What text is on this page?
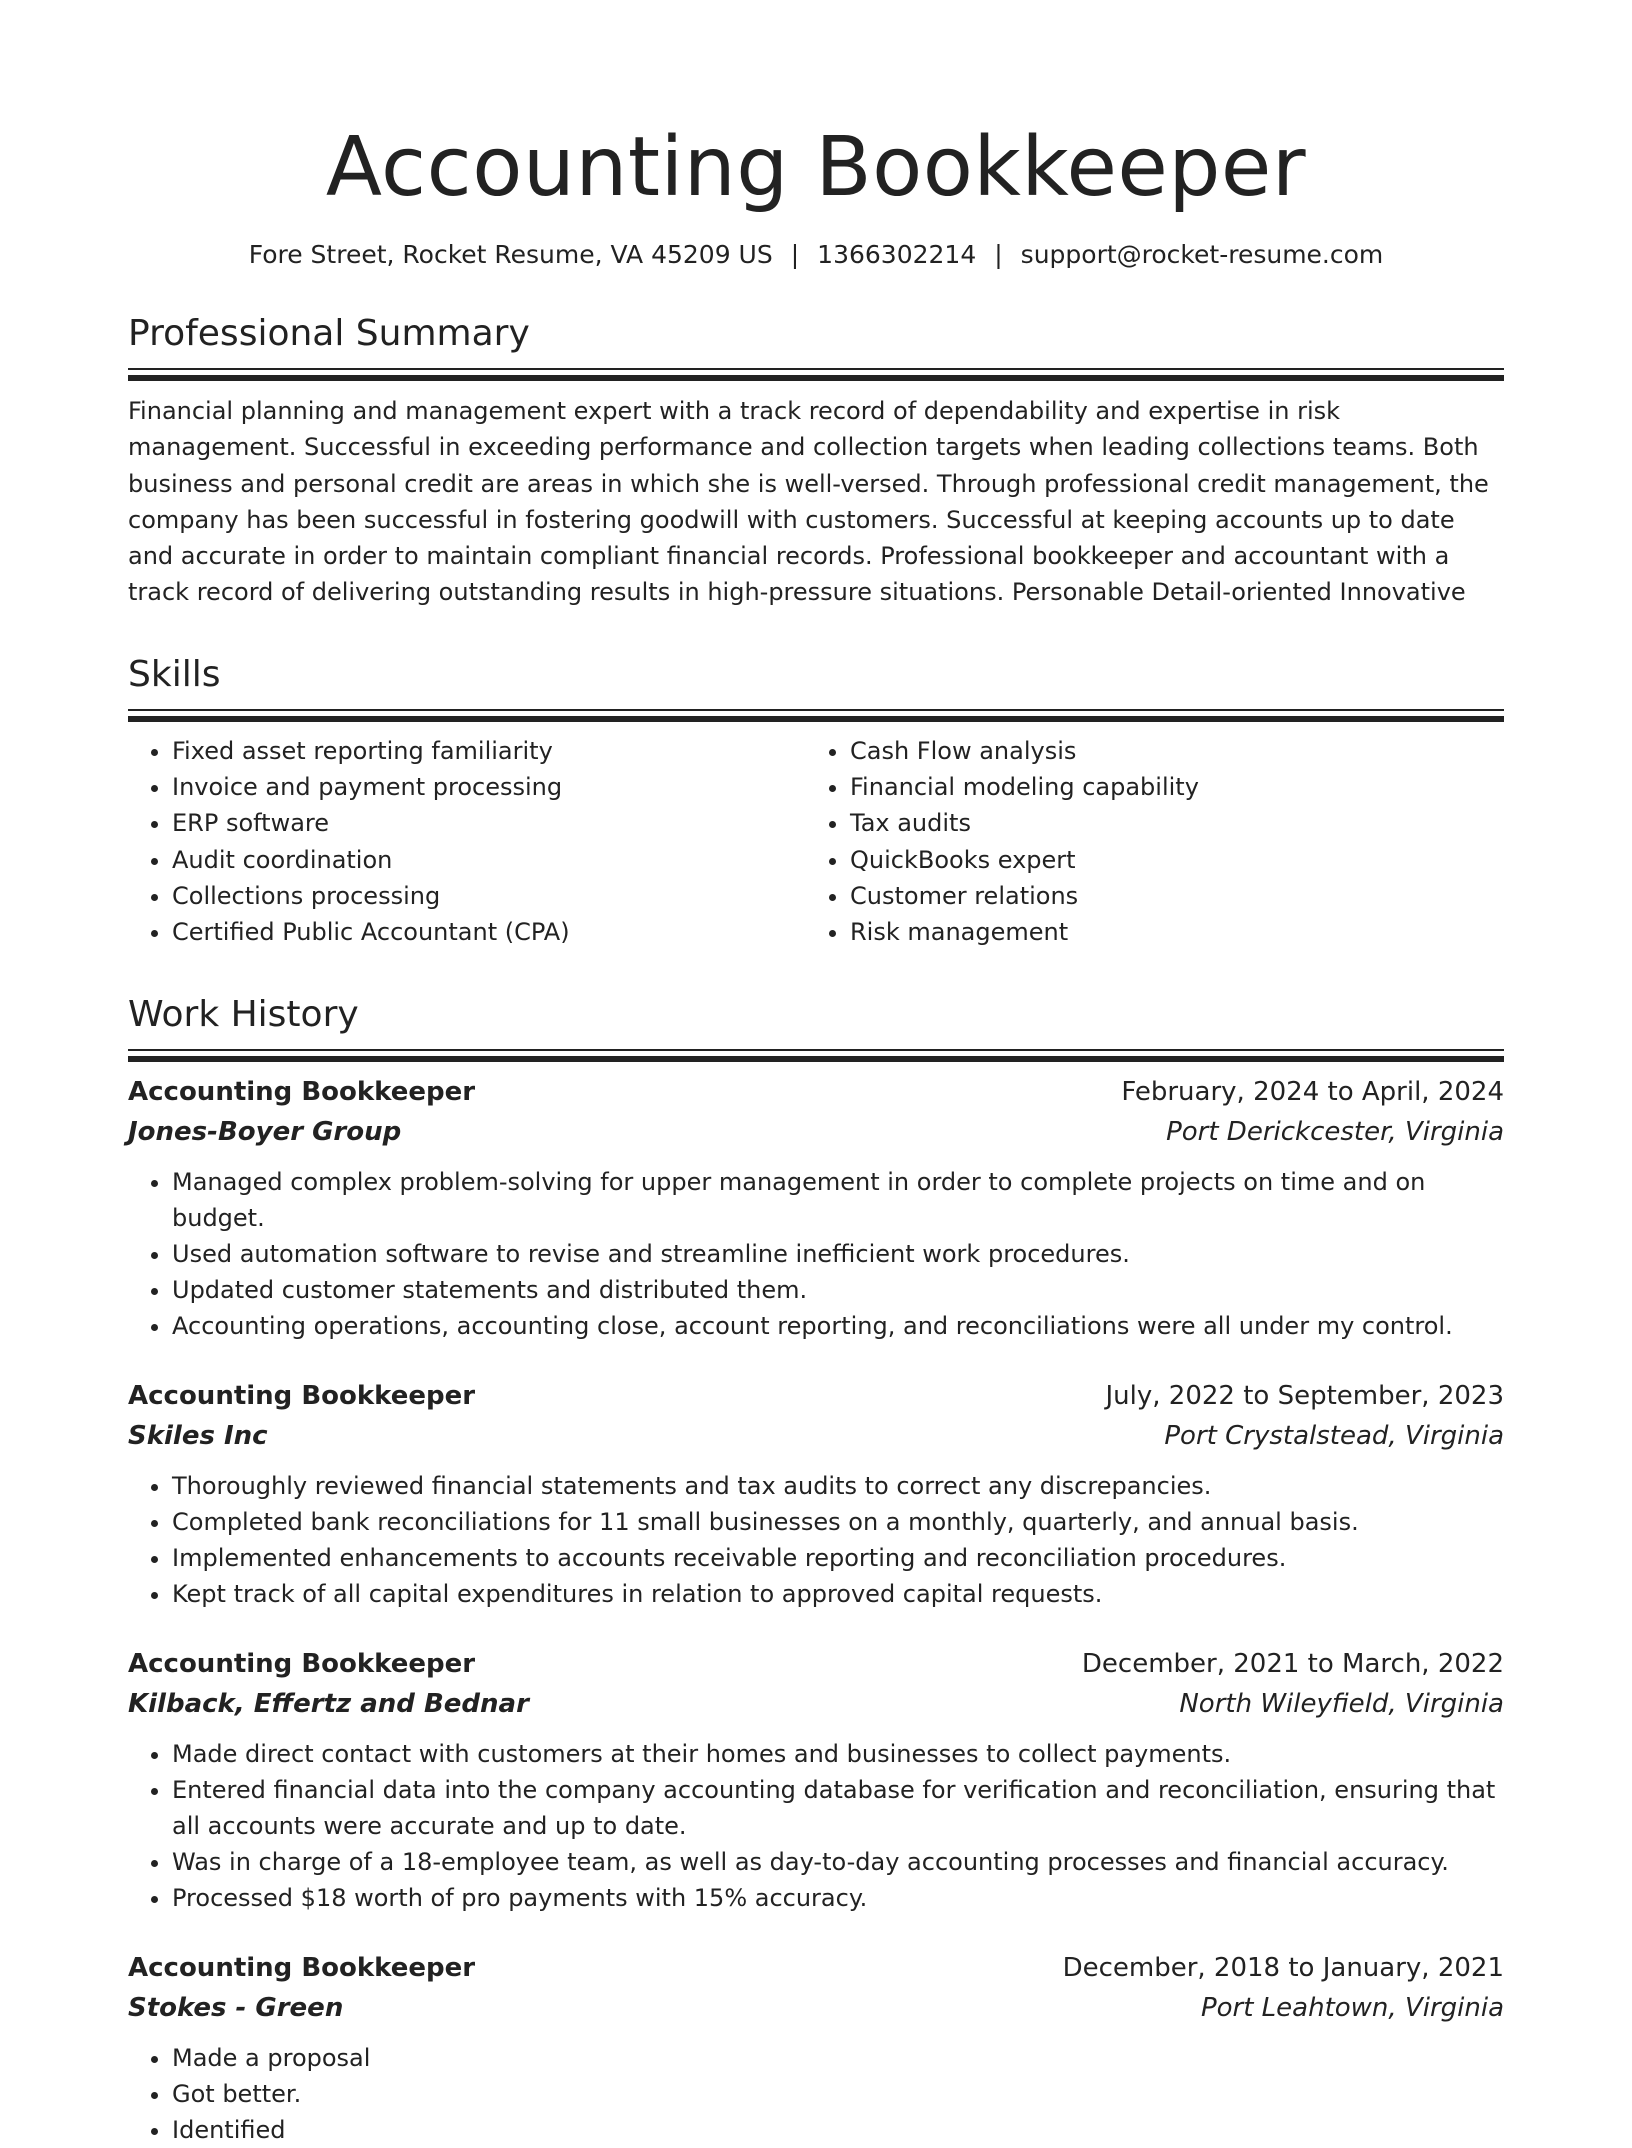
Accounting Bookkeeper
Fore Street, Rocket Resume, VA 45209 US | 1366302214 | support@rocket-resume.com
Professional Summary
Financial planning and management expert with a track record of dependability and expertise in risk management. Successful in exceeding performance and collection targets when leading collections teams. Both business and personal credit are areas in which she is well-versed. Through professional credit management, the company has been successful in fostering goodwill with customers. Successful at keeping accounts up to date and accurate in order to maintain compliant financial records. Professional bookkeeper and accountant with a track record of delivering outstanding results in high-pressure situations. Personable Detail-oriented Innovative
Skills
• Fixed asset reporting familiarity
• Invoice and payment processing
• ERP software
• Audit coordination
• Collections processing
• Certified Public Accountant (CPA)
• Cash Flow analysis
• Financial modeling capability
• Tax audits
• QuickBooks expert
• Customer relations
• Risk management
Work History
Accounting Bookkeeper	February, 2024 to April, 2024
Jones-Boyer Group	Port Derickcester, Virginia
• Managed complex problem-solving for upper management in order to complete projects on time and on budget.
• Used automation software to revise and streamline inefficient work procedures.
• Updated customer statements and distributed them.
• Accounting operations, accounting close, account reporting, and reconciliations were all under my control.
Accounting Bookkeeper	July, 2022 to September, 2023
Skiles Inc	Port Crystalstead, Virginia
• Thoroughly reviewed financial statements and tax audits to correct any discrepancies.
• Completed bank reconciliations for 11 small businesses on a monthly, quarterly, and annual basis.
• Implemented enhancements to accounts receivable reporting and reconciliation procedures.
• Kept track of all capital expenditures in relation to approved capital requests.
Accounting Bookkeeper	December, 2021 to March, 2022
Kilback, Effertz and Bednar	North Wileyfield, Virginia
• Made direct contact with customers at their homes and businesses to collect payments.
• Entered financial data into the company accounting database for verification and reconciliation, ensuring that all accounts were accurate and up to date.
• Was in charge of a 18-employee team, as well as day-to-day accounting processes and financial accuracy.
• Processed $18 worth of pro payments with 15% accuracy.
Accounting Bookkeeper	December, 2018 to January, 2021
Stokes - Green	Port Leahtown, Virginia
• Made a proposal
• Got better.
• Identified
